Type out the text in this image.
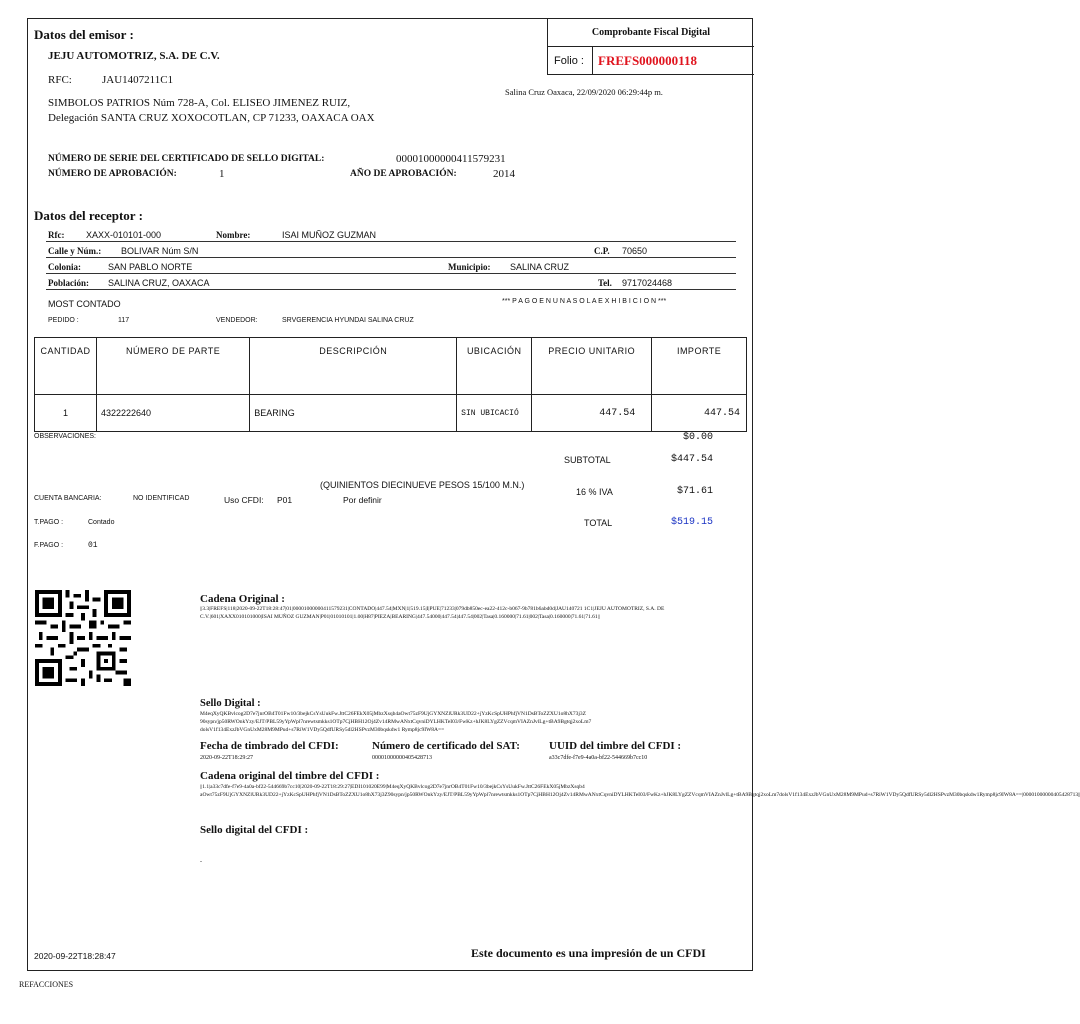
Datos del emisor :
JEJU AUTOMOTRIZ, S.A. DE C.V.
RFC:	JAU1407211C1
SIMBOLOS PATRIOS Núm 728-A, Col. ELISEO JIMENEZ RUIZ,
Delegación SANTA CRUZ XOXOCOTLAN, CP 71233, OAXACA OAX
NÚMERO DE SERIE DEL CERTIFICADO DE SELLO DIGITAL:	00001000000411579231
NÚMERO DE APROBACIÓN:	1	AÑO DE APROBACIÓN:	2014
Comprobante Fiscal Digital
Folio :	FREFS000000118
Salina Cruz Oaxaca, 22/09/2020 06:29:44p m.
Datos del receptor :
Rfc: XAXX-010101-000	Nombre:	ISAI MUÑOZ GUZMAN
Calle y Núm.: BOLIVAR Núm S/N	C.P. 70650
Colonia:	SAN PABLO NORTE	Municipio: SALINA CRUZ
Población: SALINA CRUZ, OAXACA	Tel. 9717024468
MOST CONTADO	*** P A G O E N U N A S O L A E X H I B I C I O N ***
PEDIDO :	117	VENDEDOR:	SRVGERENCIA HYUNDAI SALINA CRUZ
CANTIDAD	NÚMERO DE PARTE	DESCRIPCIÓN	UBICACIÓN	PRECIO UNITARIO	IMPORTE
1	4322222640	BEARING	SIN UBICACIÓ	447.54	447.54
OBSERVACIONES:	$0.00
SUBTOTAL	$447.54
(QUINIENTOS DIECINUEVE PESOS 15/100 M.N.)
16 % IVA	$71.61
CUENTA BANCARIA:	NO IDENTIFICAD	Uso CFDI: P01	Por definir
T.PAGO :	Contado	TOTAL	$519.15
F.PAGO :	01
Cadena Original :
||3.3|FREFS|118|2020-09-22T18:28:47|01|00001000000411579231|CONTADO|447.54|MXN|1|519.15|I|PUE|71233|079db850ec-ea22-412c-b067-9b781b6abd0d|JAU140721 1C1|JEJU AUTOMOTRIZ, S.A. DE C.V.|601|XAXX010101000|ISAI MUÑOZ GUZMAN|P01|01010101|1.00|H87|PIEZA|BEARING|447.54000|447.54|447.54|002|Tasa|0.160000|71.61|002|Tasa|0.160000|71.61|71.61||
Sello Digital :
M4eqXyQKBvlcog2D7e7jnrOB4T01Fw10/3bejkCsYsUukFw.JttC26FEkX05jMbzXsqb4aOwt75zF9UjGYXNZlURk3UD22+jYzKcSpUHPhfjVN1DsBToZZXU1o8hX73j3Z 90sypn/jp50RWOnkYzy/EJT/PBL59yYpWpl7nrewtsmkks1OTp7CjHBH12Oj4Zv14RMwANxtCqvniDYLHKTeI03/FwKz+hJK8LYgZZVcqmVIAZnJvlLg+tBA9Bgtqj2xoLm7 dolsV1f134ExzJbVGnUxM28M9MPud+s7RiW1VDy5QdfURSy5dl2HSPvzM30bqskdw1 Rymp8jc9IW8A==
Fecha de timbrado del CFDI:
2020-09-22T18:29:27
Número de certificado del SAT:
00001000000405428713
UUID del timbre del CFDI :
a33c7dfe-f7e9-4a0a-bf22-544669b7cc10
Cadena original del timbre del CFDI :
||1.1|a33c7dfe-f7e9-4a0a-bf22-544669b7cc10|2020-09-22T18:29:27|EDI101020E99|M4eqXyQKBvlcog2D7e7jnrOB4T01Fw10/3bejkCsYsUukFw.JttC26FEkX05jMbzXsqb4 aOwt75zF9UjGYXNZlURk3UD22+jYzKcSpUHPhfjVN1DsBToZZXU1o8hX73j3Z90sypn/jp50RWOnkYzy/EJT/PBL59yYpWpl7nrewtsmkks1OTp7CjHBH12Oj4Zv14RMwANxtCqvniDYLHKTeI03/FwKz+hJK8LYgZZVcqmVIAZnJvlLg+tBA9Bgtqj2xoLm7dolsV1f134ExzJbVGnUxM28M9MPud+s7RiW1VDy5QdfURSy5dl2HSPvzM30bqskdw1Rymp8jc9IW8A==|00001000000405428713||
Sello digital del CFDI :
.
2020-09-22T18:28:47	Este documento es una impresión de un CFDI
REFACCIONES
